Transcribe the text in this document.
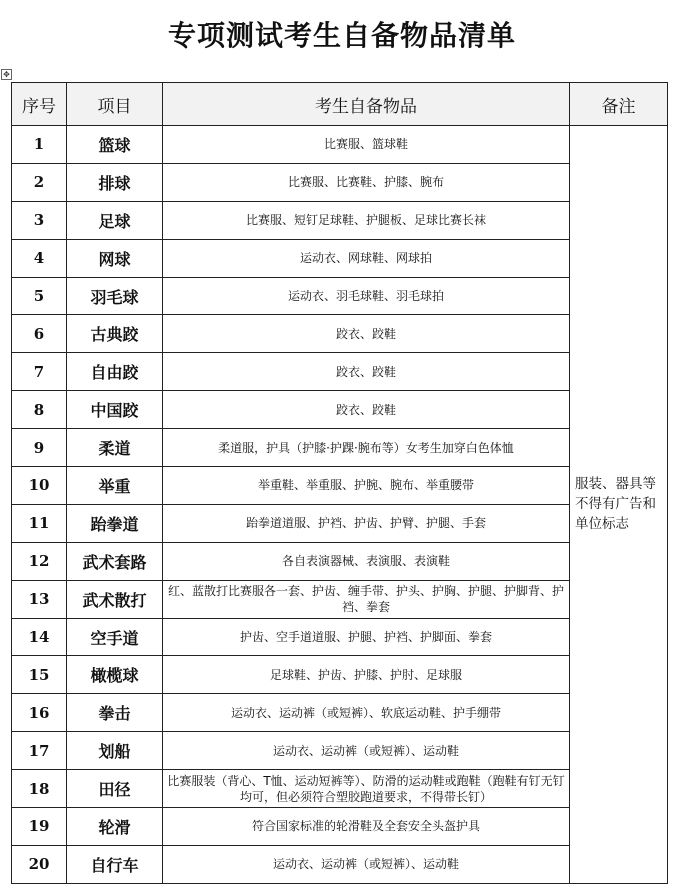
专项测试考生自备物品清单
✥
序号	项目	考生自备物品	备注
1	篮球	比赛服、篮球鞋	服装、器具等不得有广告和单位标志
2	排球	比赛服、比赛鞋、护膝、腕布	
3	足球	比赛服、短钉足球鞋、护腿板、足球比赛长袜	
4	网球	运动衣、网球鞋、网球拍	
5	羽毛球	运动衣、羽毛球鞋、羽毛球拍	
6	古典跤	跤衣、跤鞋	
7	自由跤	跤衣、跤鞋	
8	中国跤	跤衣、跤鞋	
9	柔道	柔道服，护具（护膝·护踝·腕布等）女考生加穿白色体恤	
10	举重	举重鞋、举重服、护腕、腕布、举重腰带	
11	跆拳道	跆拳道道服、护裆、护齿、护臂、护腿、手套	
12	武术套路	各自表演器械、表演服、表演鞋	
13	武术散打	红、蓝散打比赛服各一套、护齿、缠手带、护头、护胸、护腿、护脚背、护裆、拳套	
14	空手道	护齿、空手道道服、护腿、护裆、护脚面、拳套	
15	橄榄球	足球鞋、护齿、护膝、护肘、足球服	
16	拳击	运动衣、运动裤（或短裤）、软底运动鞋、护手绷带	
17	划船	运动衣、运动裤（或短裤）、运动鞋	
18	田径	比赛服装（背心、T恤、运动短裤等）、防滑的运动鞋或跑鞋（跑鞋有钉无钉均可，但必须符合塑胶跑道要求，不得带长钉）	
19	轮滑	符合国家标准的轮滑鞋及全套安全头盔护具	
20	自行车	运动衣、运动裤（或短裤）、运动鞋	
